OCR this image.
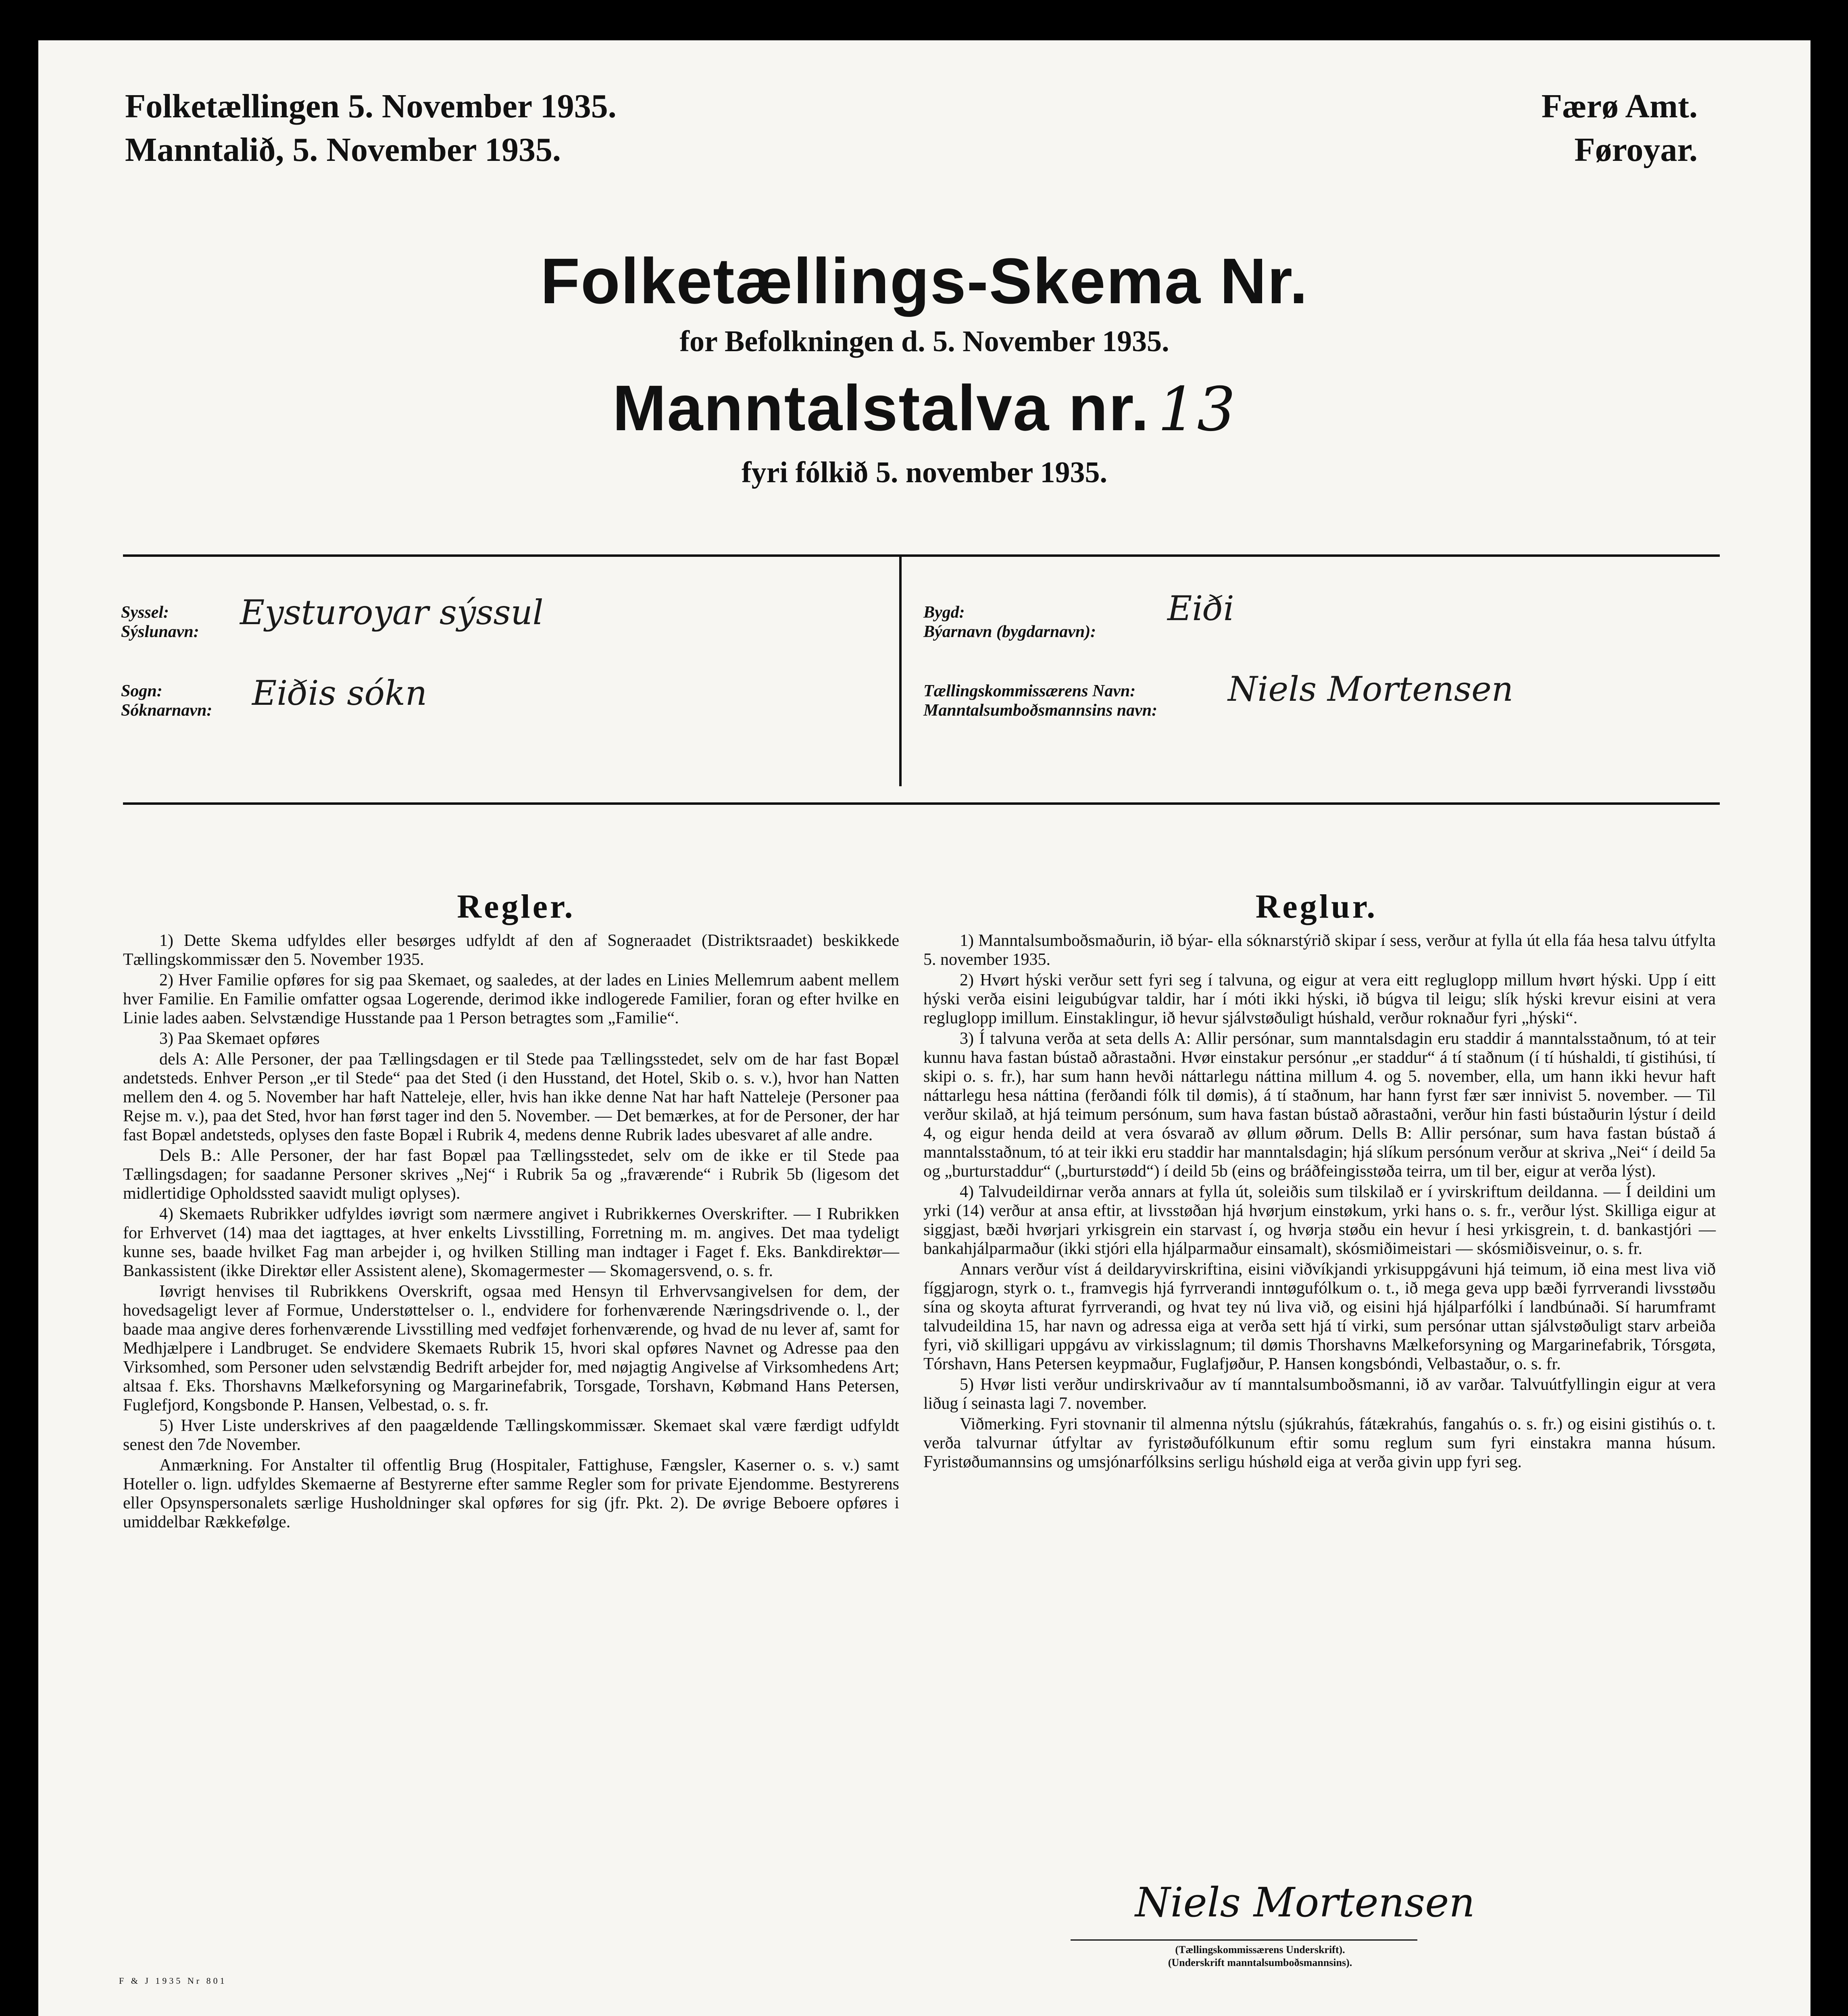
Folketællingen 5. November 1935.
Manntalið, 5. November 1935.
Færø Amt.
Føroyar.
Folketællings-Skema Nr.
for Befolkningen d. 5. November 1935.
Manntalstalva nr. 13
fyri fólkið 5. november 1935.
Syssel:
Sýslunavn: Eysturoyar sýssul
Sogn:
Sóknarnavn: Eiðis sókn
Bygd:
Býarnavn (bygdarnavn):
Eiði
Tællingskommissærens Navn:
Manntalsumboðsmannsins navn:
Niels Mortensen
Regler.	Reglur.

1) Dette Skema udfyldes eller besørges udfyldt af den af Sogneraadet (Distriktsraadet) beskikkede Tællingskommissær den 5. November 1935.

2) Hver Familie opføres for sig paa Skemaet, og saaledes, at der lades en Linies Mellemrum aabent mellem hver Familie. En Familie omfatter ogsaa Logerende, derimod ikke indlogerede Familier, foran og efter hvilke en Linie lades aaben. Selvstændige Husstande paa 1 Person betragtes som „Familie“.

3) Paa Skemaet opføres

dels A: Alle Personer, der paa Tællingsdagen er til Stede paa Tællingsstedet, selv om de har fast Bopæl andetsteds. Enhver Person „er til Stede“ paa det Sted (i den Husstand, det Hotel, Skib o. s. v.), hvor han Natten mellem den 4. og 5. November har haft Natteleje, eller, hvis han ikke denne Nat har haft Natteleje (Personer paa Rejse m. v.), paa det Sted, hvor han først tager ind den 5. November. — Det bemærkes, at for de Personer, der har fast Bopæl andetsteds, oplyses den faste Bopæl i Rubrik 4, medens denne Rubrik lades ubesvaret af alle andre.

Dels B.: Alle Personer, der har fast Bopæl paa Tællingsstedet, selv om de ikke er til Stede paa Tællingsdagen; for saadanne Personer skrives „Nej“ i Rubrik 5a og „fraværende“ i Rubrik 5b (ligesom det midlertidige Opholdssted saavidt muligt oplyses).

4) Skemaets Rubrikker udfyldes iøvrigt som nærmere angivet i Rubrikkernes Overskrifter. — I Rubrikken for Erhvervet (14) maa det iagttages, at hver enkelts Livsstilling, Forretning m. m. angives. Det maa tydeligt kunne ses, baade hvilket Fag man arbejder i, og hvilken Stilling man indtager i Faget f. Eks. Bankdirektør—Bankassistent (ikke Direktør eller Assistent alene), Skomagermester — Skomagersvend, o. s. fr.

Iøvrigt henvises til Rubrikkens Overskrift, ogsaa med Hensyn til Erhvervsangivelsen for dem, der hovedsageligt lever af Formue, Understøttelser o. l., endvidere for forhenværende Næringsdrivende o. l., der baade maa angive deres forhenværende Livsstilling med vedføjet forhenværende, og hvad de nu lever af, samt for Medhjælpere i Landbruget. Se endvidere Skemaets Rubrik 15, hvori skal opføres Navnet og Adresse paa den Virksomhed, som Personer uden selvstændig Bedrift arbejder for, med nøjagtig Angivelse af Virksomhedens Art; altsaa f. Eks. Thorshavns Mælkeforsyning og Margarinefabrik, Torsgade, Torshavn, Købmand Hans Petersen, Fuglefjord, Kongsbonde P. Hansen, Velbestad, o. s. fr.

5) Hver Liste underskrives af den paagældende Tællingskommissær. Skemaet skal være færdigt udfyldt senest den 7de November.

Anmærkning. For Anstalter til offentlig Brug (Hospitaler, Fattighuse, Fængsler, Kaserner o. s. v.) samt Hoteller o. lign. udfyldes Skemaerne af Bestyrerne efter samme Regler som for private Ejendomme. Bestyrerens eller Opsynspersonalets særlige Husholdninger skal opføres for sig (jfr. Pkt. 2). De øvrige Beboere opføres i umiddelbar Rækkefølge.

1) Manntalsumboðsmaðurin, ið býar- ella sóknarstýrið skipar í sess, verður at fylla út ella fáa hesa talvu útfylta 5. november 1935.

2) Hvørt hýski verður sett fyri seg í talvuna, og eigur at vera eitt regluglopp millum hvørt hýski. Upp í eitt hýski verða eisini leigubúgvar taldir, har í móti ikki hýski, ið búgva til leigu; slík hýski krevur eisini at vera regluglopp imillum. Einstaklingur, ið hevur sjálvstøðuligt húshald, verður roknaður fyri „hýski“.

3) Í talvuna verða at seta dells A: Allir persónar, sum manntalsdagin eru staddir á manntalsstaðnum, tó at teir kunnu hava fastan bústað aðrastaðni. Hvør einstakur persónur „er staddur“ á tí staðnum (í tí húshaldi, tí gistihúsi, tí skipi o. s. fr.), har sum hann hevði náttarlegu náttina millum 4. og 5. november, ella, um hann ikki hevur haft náttarlegu hesa náttina (ferðandi fólk til dømis), á tí staðnum, har hann fyrst fær sær innivist 5. november. — Til verður skilað, at hjá teimum persónum, sum hava fastan bústað aðrastaðni, verður hin fasti bústaðurin lýstur í deild 4, og eigur henda deild at vera ósvarað av øllum øðrum. Dells B: Allir persónar, sum hava fastan bústað á manntalsstaðnum, tó at teir ikki eru staddir har manntalsdagin; hjá slíkum persónum verður at skriva „Nei“ í deild 5a og „burturstaddur“ („burturstødd“) í deild 5b (eins og bráðfeingisstøða teirra, um til ber, eigur at verða lýst).

4) Talvudeildirnar verða annars at fylla út, soleiðis sum tilskilað er í yvirskriftum deildanna. — Í deildini um yrki (14) verður at ansa eftir, at livsstøðan hjá hvørjum einstøkum, yrki hans o. s. fr., verður lýst. Skilliga eigur at siggjast, bæði hvørjari yrkisgrein ein starvast í, og hvørja støðu ein hevur í hesi yrkisgrein, t. d. bankastjóri — bankahjálparmaður (ikki stjóri ella hjálparmaður einsamalt), skósmiðimeistari — skósmiðisveinur, o. s. fr.

Annars verður víst á deildaryvirskriftina, eisini viðvíkjandi yrkisuppgávuni hjá teimum, ið eina mest liva við fíggjarogn, styrk o. t., framvegis hjá fyrrverandi inntøgufólkum o. t., ið mega geva upp bæði fyrrverandi livsstøðu sína og skoyta afturat fyrrverandi, og hvat tey nú liva við, og eisini hjá hjálparfólki í landbúnaði. Sí harumframt talvudeildina 15, har navn og adressa eiga at verða sett hjá tí virki, sum persónar uttan sjálvstøðuligt starv arbeiða fyri, við skilligari uppgávu av virkisslagnum; til dømis Thorshavns Mælkeforsyning og Margarinefabrik, Tórsgøta, Tórshavn, Hans Petersen keypmaður, Fuglafjøður, P. Hansen kongsbóndi, Velbastaður, o. s. fr.

5) Hvør listi verður undirskrivaður av tí manntalsumboðsmanni, ið av varðar. Talvuútfyllingin eigur at vera liðug í seinasta lagi 7. november.

Viðmerking. Fyri stovnanir til almenna nýtslu (sjúkrahús, fátækrahús, fangahús o. s. fr.) og eisini gistihús o. t. verða talvurnar útfyltar av fyristøðufólkunum eftir somu reglum sum fyri einstakra manna húsum. Fyristøðumannsins og umsjónarfólksins serligu húshøld eiga at verða givin upp fyri seg.

Niels Mortensen
(Tællingskommissærens Underskrift).
(Underskrift manntalsumboðsmannsins).
F & J 1935 Nr 801
